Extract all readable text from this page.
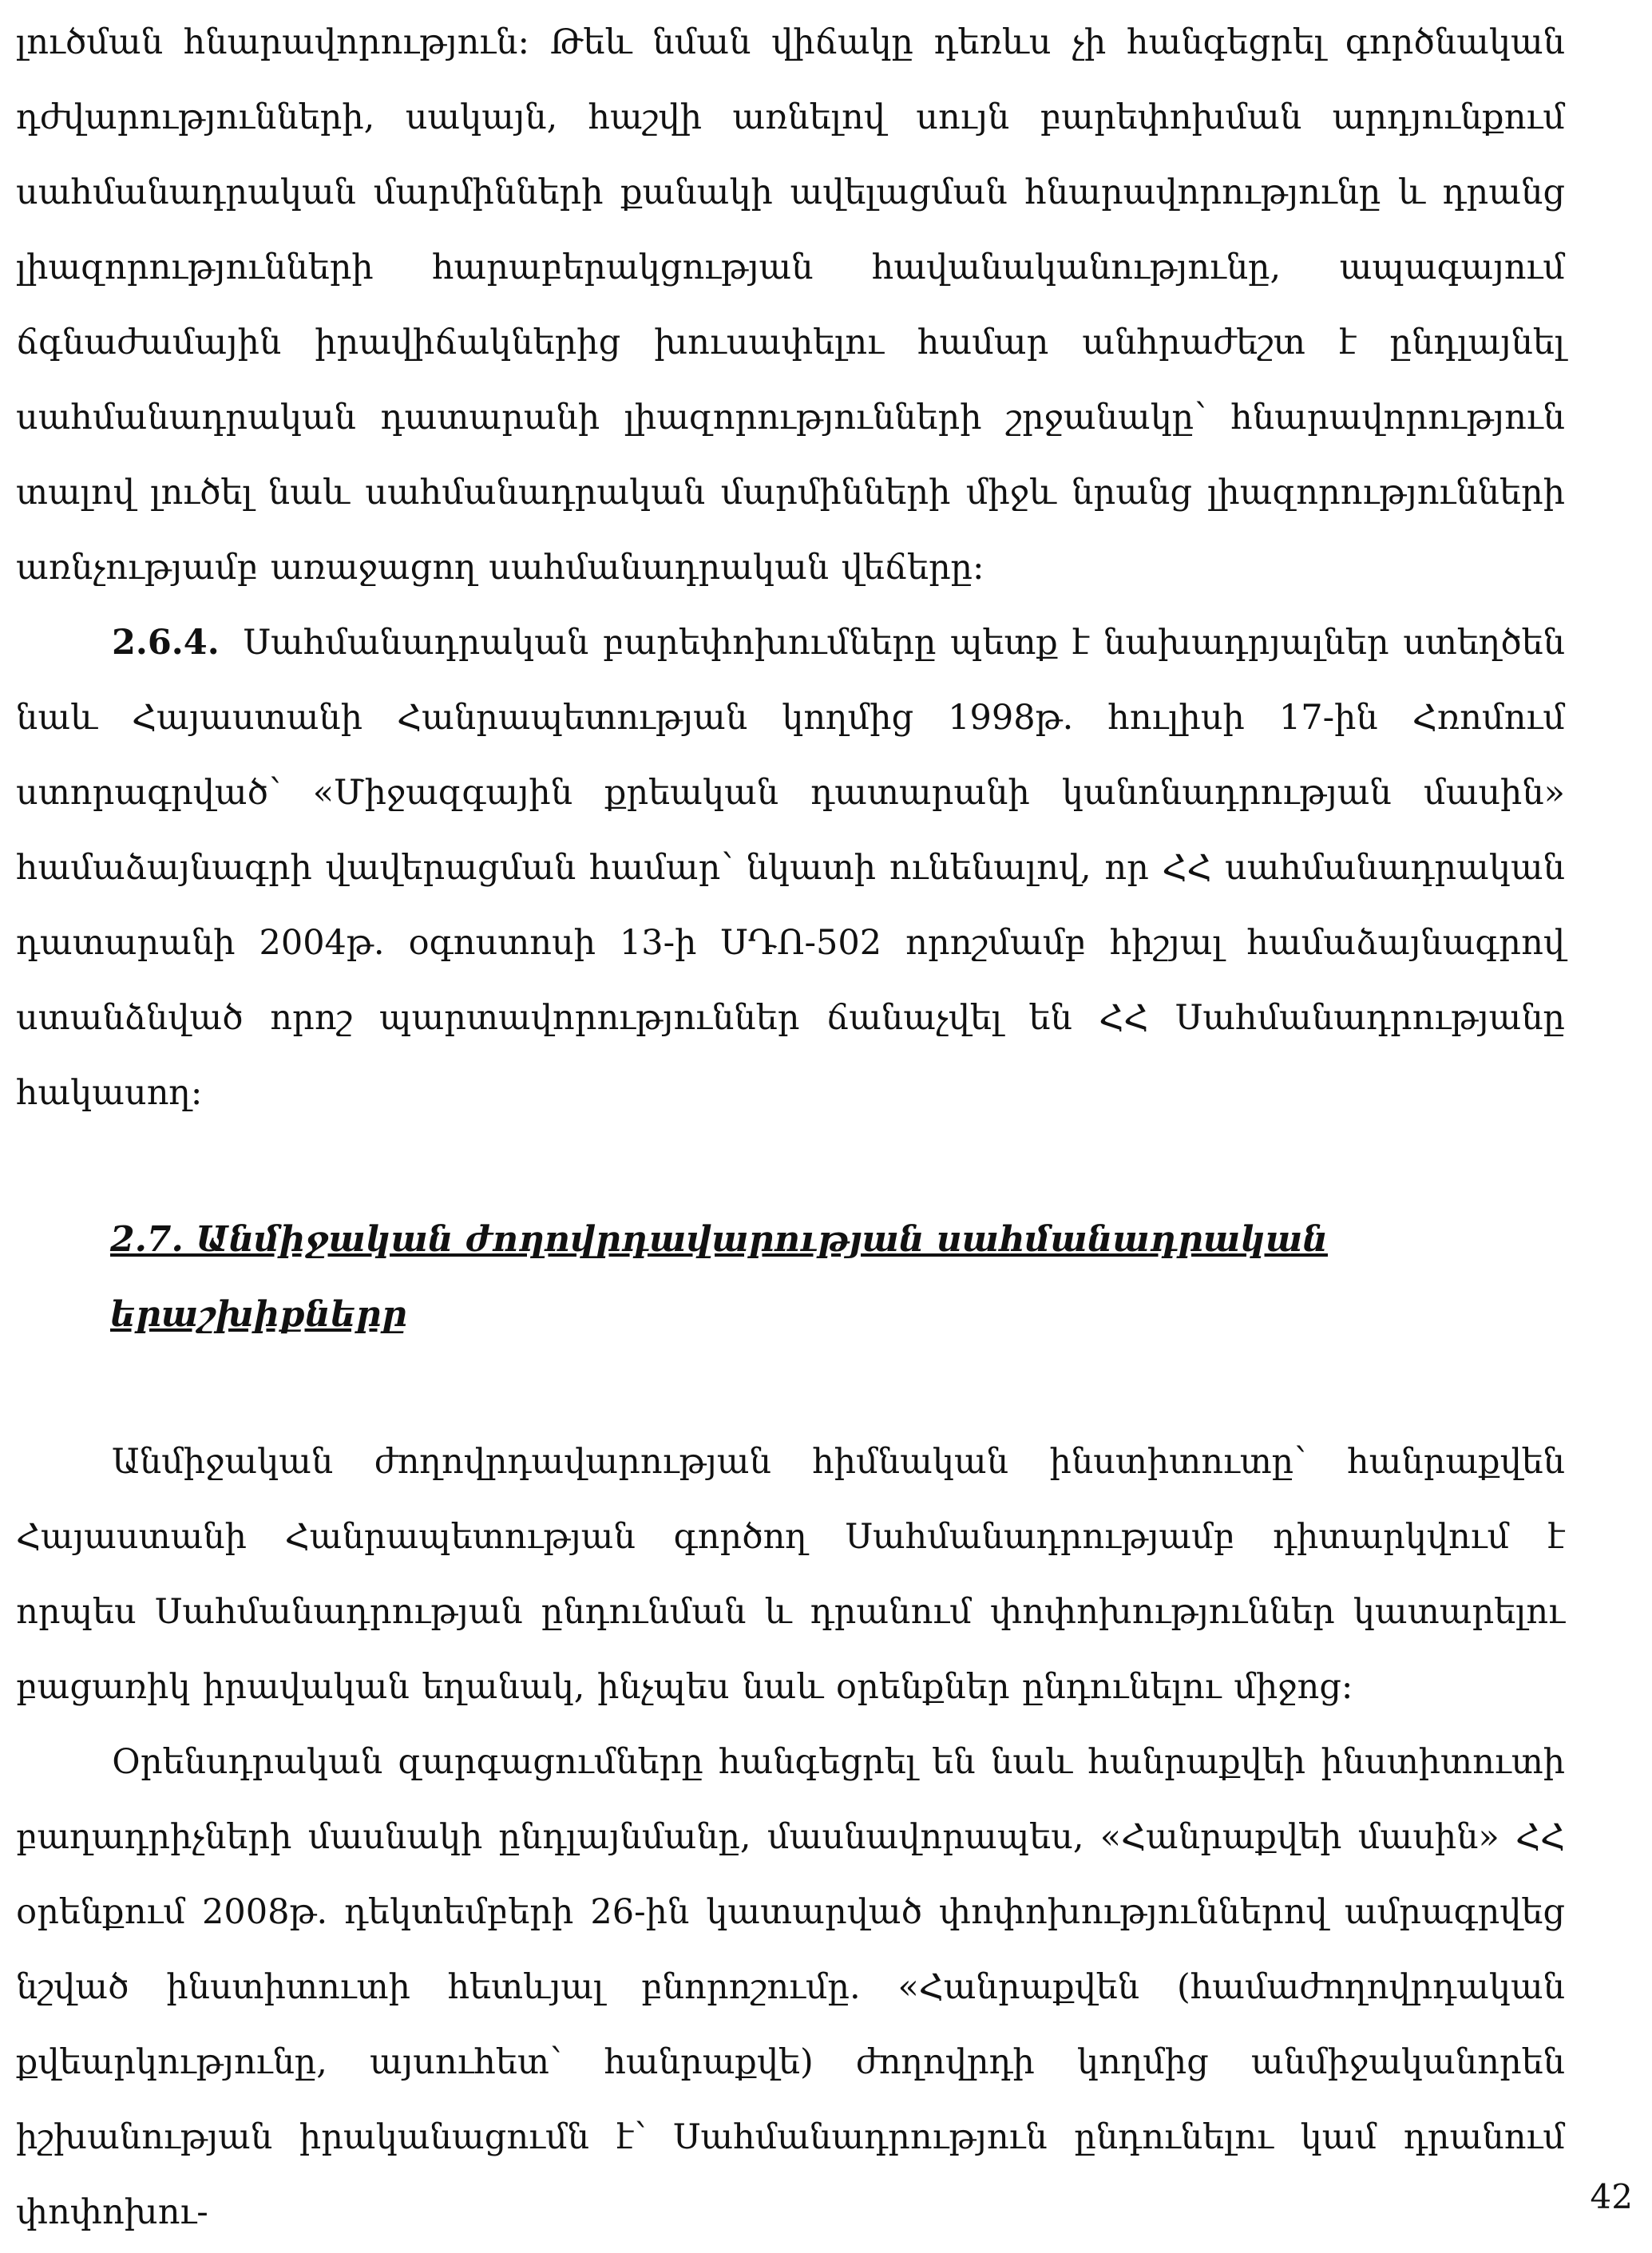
լուծման հնարավորություն: Թեև նման վիճակը դեռևս չի հանգեցրել գործնական դժվարությունների, սակայն, հաշվի առնելով սույն բարեփոխման արդյունքում սահմանադրական մարմինների քանակի ավելացման հնարավորությունը և դրանց լիազորությունների հարաբերակցության հավանականությունը, ապագայում ճգնաժամային իրավիճակներից խուսափելու համար անհրաժեշտ է ընդլայնել սահմանադրական դատարանի լիազորությունների շրջանակը՝ հնարավորություն տալով լուծել նաև սահմանադրական մարմինների միջև նրանց լիազորությունների առնչությամբ առաջացող սահմանադրական վեճերը:

2.6.4. Սահմանադրական բարեփոխումները պետք է նախադրյալներ ստեղծեն նաև Հայաստանի Հանրապետության կողմից 1998թ. հուլիսի 17-ին Հռոմում ստորագրված՝ «Միջազգային քրեական դատարանի կանոնադրության մասին» համաձայնագրի վավերացման համար՝ նկատի ունենալով, որ ՀՀ սահմանադրական դատարանի 2004թ. օգոստոսի 13-ի ՍԴՈ-502 որոշմամբ հիշյալ համաձայնագրով ստանձնված որոշ պարտավորություններ ճանաչվել են ՀՀ Սահմանադրությանը հակասող:

2.7. Անմիջական ժողովրդավարության սահմանադրական երաշխիքները

Անմիջական ժողովրդավարության հիմնական ինստիտուտը՝ հանրաքվեն Հայաստանի Հանրապետության գործող Սահմանադրությամբ դիտարկվում է որպես Սահմանադրության ընդունման և դրանում փոփոխություններ կատարելու բացառիկ իրավական եղանակ, ինչպես նաև օրենքներ ընդունելու միջոց:

Օրենսդրական զարգացումները հանգեցրել են նաև հանրաքվեի ինստիտուտի բաղադրիչների մասնակի ընդլայնմանը, մասնավորապես, «Հանրաքվեի մասին» ՀՀ օրենքում 2008թ. դեկտեմբերի 26-ին կատարված փոփոխություններով ամրագրվեց նշված ինստիտուտի հետևյալ բնորոշումը. «Հանրաքվեն (համաժողովրդական քվեարկությունը, այսուհետ՝ հանրաքվե) ժողովրդի կողմից անմիջականորեն իշխանության իրականացումն է՝ Սահմանադրություն ընդունելու կամ դրանում փոփոխու-	42
